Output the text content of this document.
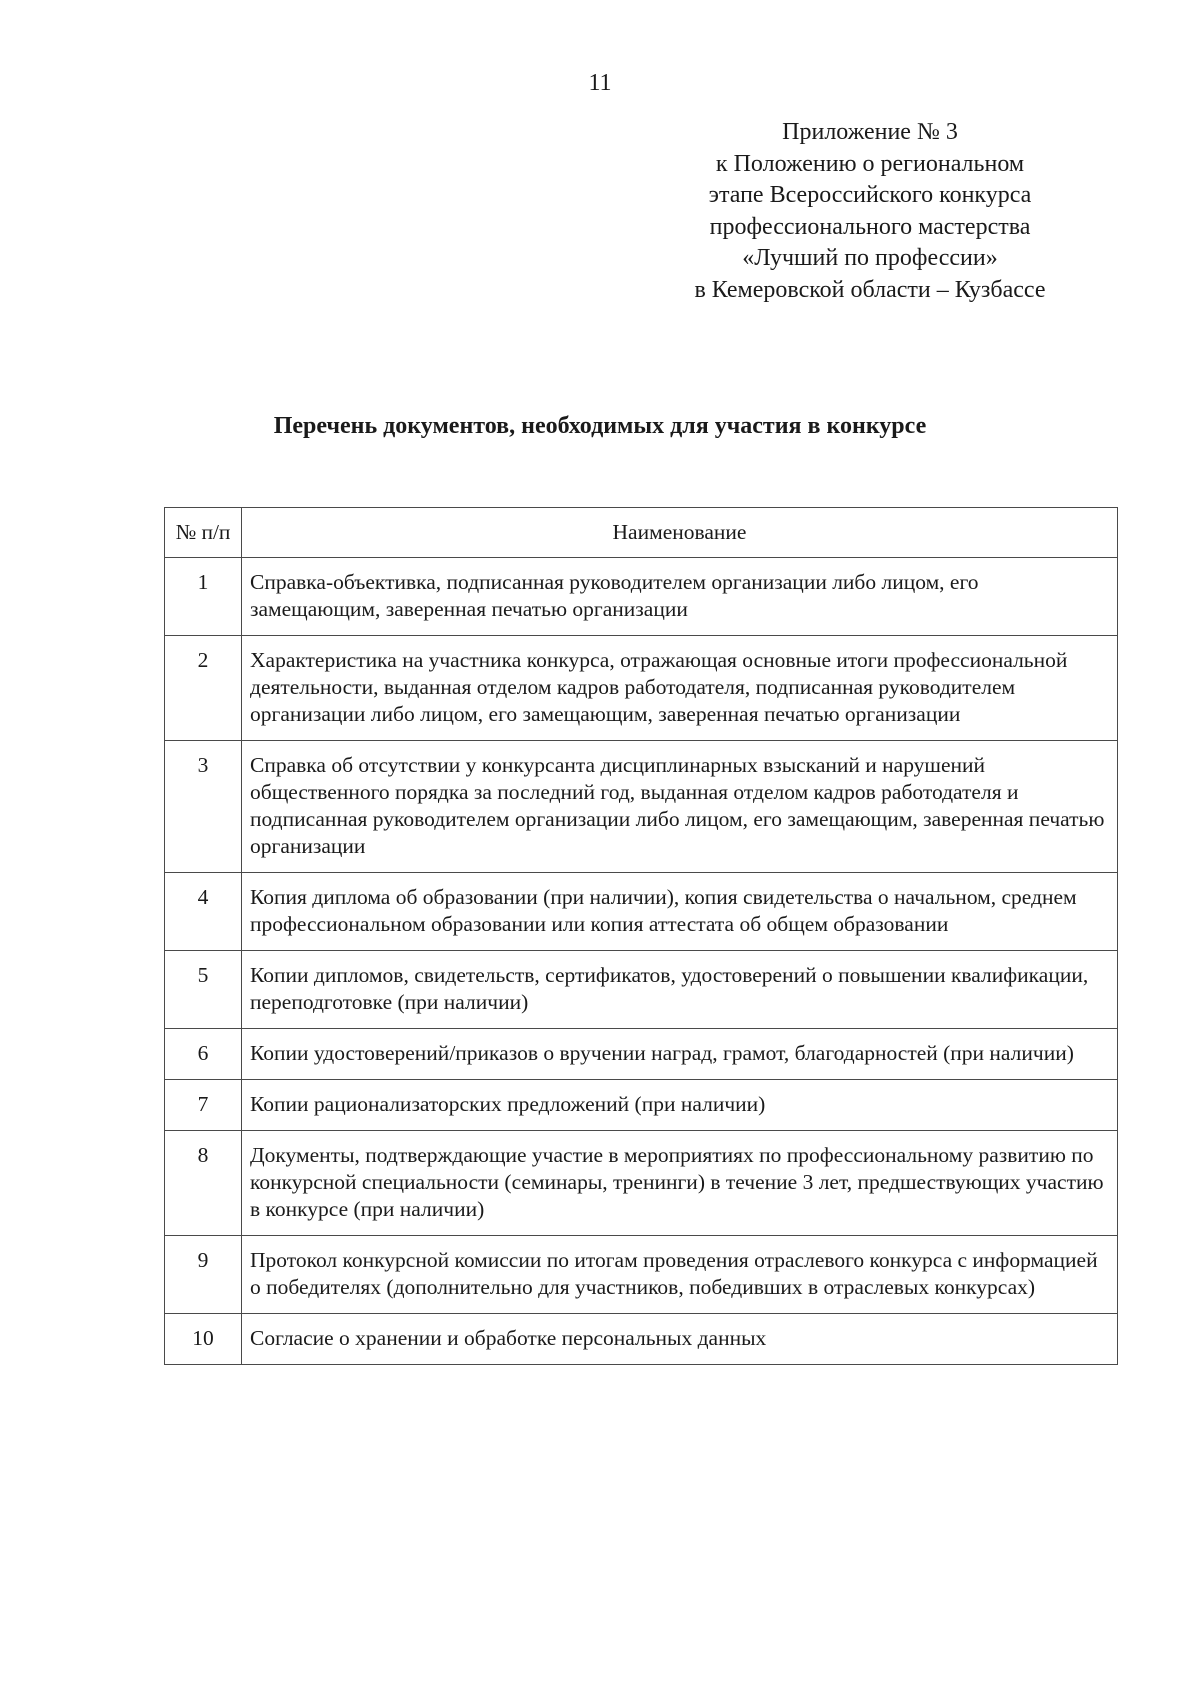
11
Приложение № 3
к Положению о региональном
этапе Всероссийского конкурса
профессионального мастерства
«Лучший по профессии»
в Кемеровской области – Кузбассе
Перечень документов, необходимых для участия в конкурсе
№ п/п	Наименование
1	Справка-объективка, подписанная руководителем организации либо лицом, его замещающим, заверенная печатью организации
2	Характеристика на участника конкурса, отражающая основные итоги профессиональной деятельности, выданная отделом кадров работодателя, подписанная руководителем организации либо лицом, его замещающим, заверенная печатью организации
3	Справка об отсутствии у конкурсанта дисциплинарных взысканий и нарушений общественного порядка за последний год, выданная отделом кадров работодателя и подписанная руководителем организации либо лицом, его замещающим, заверенная печатью организации
4	Копия диплома об образовании (при наличии), копия свидетельства о начальном, среднем профессиональном образовании или копия аттестата об общем образовании
5	Копии дипломов, свидетельств, сертификатов, удостоверений о повышении квалификации, переподготовке (при наличии)
6	Копии удостоверений/приказов о вручении наград, грамот, благодарностей (при наличии)
7	Копии рационализаторских предложений (при наличии)
8	Документы, подтверждающие участие в мероприятиях по профессиональному развитию по конкурсной специальности (семинары, тренинги) в течение 3 лет, предшествующих участию в конкурсе (при наличии)
9	Протокол конкурсной комиссии по итогам проведения отраслевого конкурса с информацией о победителях (дополнительно для участников, победивших в отраслевых конкурсах)
10	Согласие о хранении и обработке персональных данных
